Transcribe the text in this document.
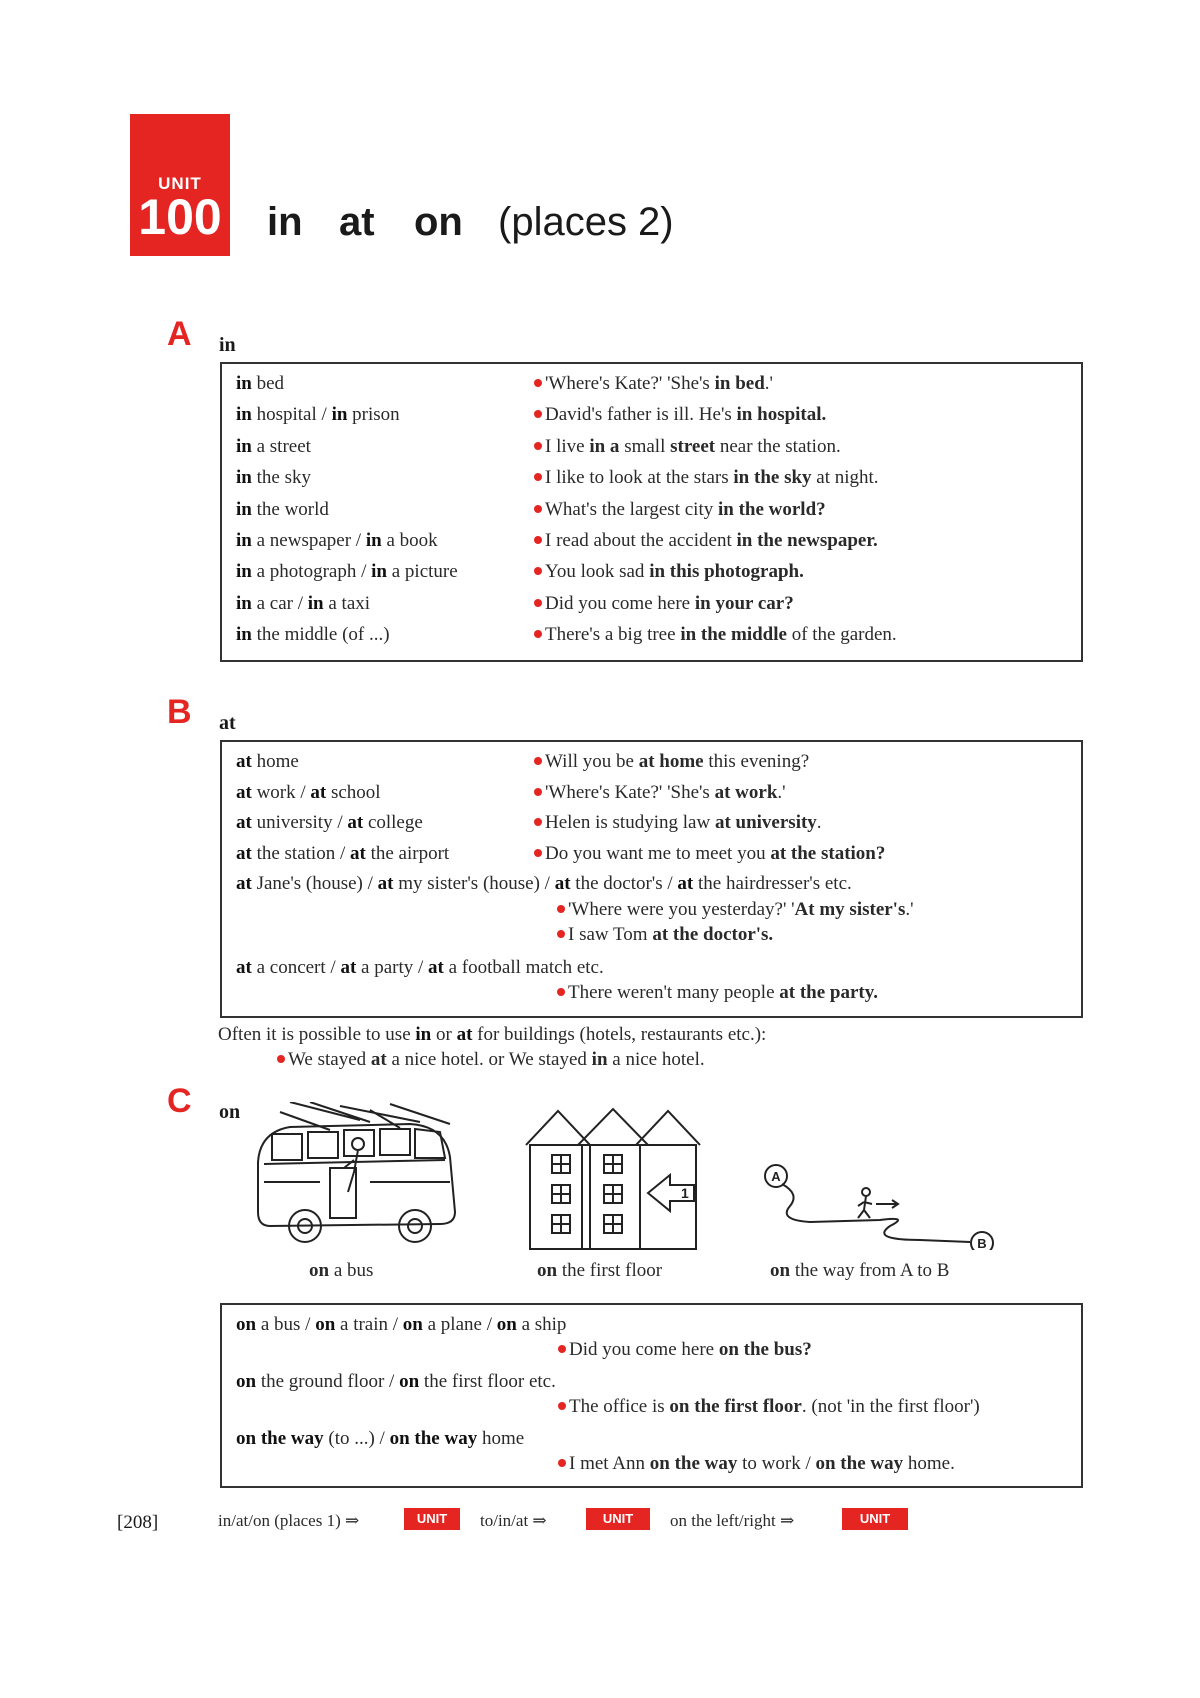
UNIT
100 in at on (places 2)
A in
in bed	'Where's Kate?' 'She's in bed.'
in hospital / in prison	David's father is ill. He's in hospital.
in a street	I live in a small street near the station.
in the sky	I like to look at the stars in the sky at night.
in the world	What's the largest city in the world?
in a newspaper / in a book	I read about the accident in the newspaper.
in a photograph / in a picture	You look sad in this photograph.
in a car / in a taxi	Did you come here in your car?
in the middle (of ...)	There's a big tree in the middle of the garden.
B at
at home	Will you be at home this evening?
at work / at school	'Where's Kate?' 'She's at work.'
at university / at college	Helen is studying law at university.
at the station / at the airport	Do you want me to meet you at the station?
at Jane's (house) / at my sister's (house) / at the doctor's / at the hairdresser's etc.
'Where were you yesterday?' 'At my sister's.'
I saw Tom at the doctor's.
at a concert / at a party / at a football match etc.
There weren't many people at the party.
Often it is possible to use in or at for buildings (hotels, restaurants etc.):
We stayed at a nice hotel. or We stayed in a nice hotel.
C on
on a bus
1
on the first floor
A
B
on the way from A to B
on a bus / on a train / on a plane / on a ship
Did you come here on the bus?
on the ground floor / on the first floor etc.
The office is on the first floor. (not 'in the first floor')
on the way (to ...) / on the way home
I met Ann on the way to work / on the way home.
[208]	in/at/on (places 1) ⇒	UNIT 99
to/in/at ⇒	UNIT 101
on the left/right ⇒	UNIT 102
